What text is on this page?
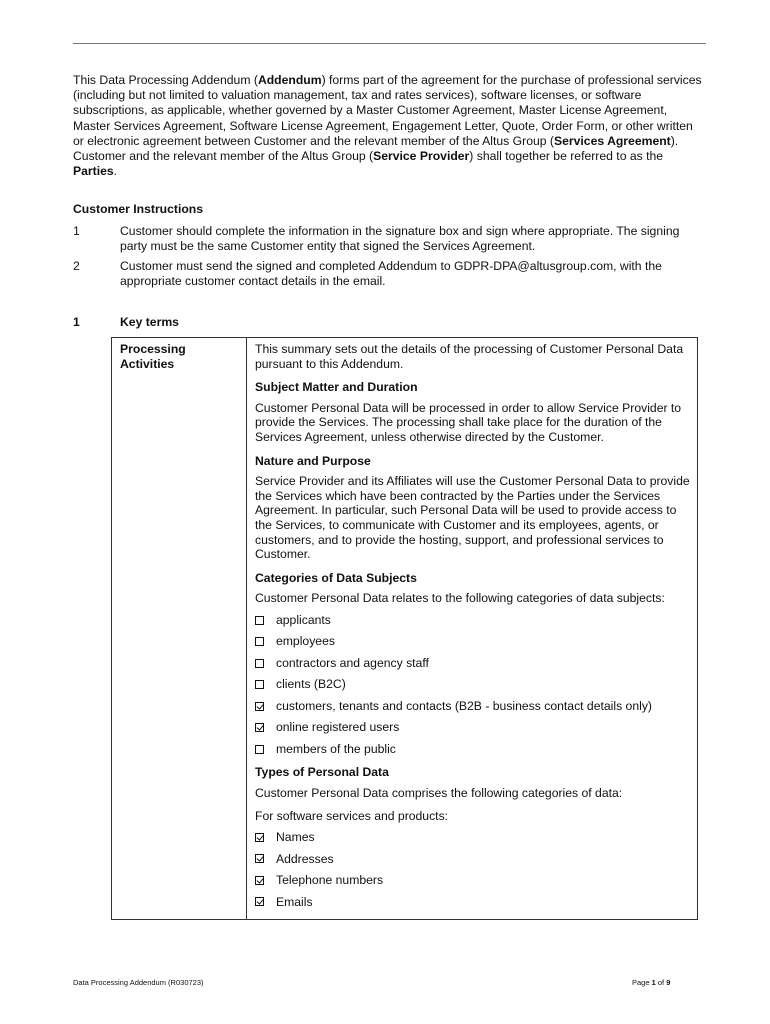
This Data Processing Addendum (Addendum) forms part of the agreement for the purchase of professional services (including but not limited to valuation management, tax and rates services), software licenses, or software subscriptions, as applicable, whether governed by a Master Customer Agreement, Master License Agreement, Master Services Agreement, Software License Agreement, Engagement Letter, Quote, Order Form, or other written or electronic agreement between Customer and the relevant member of the Altus Group (Services Agreement). Customer and the relevant member of the Altus Group (Service Provider) shall together be referred to as the Parties.

Customer Instructions
1	Customer should complete the information in the signature box and sign where appropriate. The signing party must be the same Customer entity that signed the Services Agreement.
2	Customer must send the signed and completed Addendum to GDPR-DPA@altusgroup.com, with the appropriate customer contact details in the email.
1	Key terms
Processing Activities

This summary sets out the details of the processing of Customer Personal Data pursuant to this Addendum.

Subject Matter and Duration

Customer Personal Data will be processed in order to allow Service Provider to provide the Services. The processing shall take place for the duration of the Services Agreement, unless otherwise directed by the Customer.

Nature and Purpose

Service Provider and its Affiliates will use the Customer Personal Data to provide the Services which have been contracted by the Parties under the Services Agreement. In particular, such Personal Data will be used to provide access to the Services, to communicate with Customer and its employees, agents, or customers, and to provide the hosting, support, and professional services to Customer.

Categories of Data Subjects

Customer Personal Data relates to the following categories of data subjects:

applicants
employees
contractors and agency staff
clients (B2C)
customers, tenants and contacts (B2B - business contact details only)
online registered users
members of the public

Types of Personal Data

Customer Personal Data comprises the following categories of data:

For software services and products:

Names
Addresses
Telephone numbers
Emails
Data Processing Addendum (R030723)	Page 1 of 9
